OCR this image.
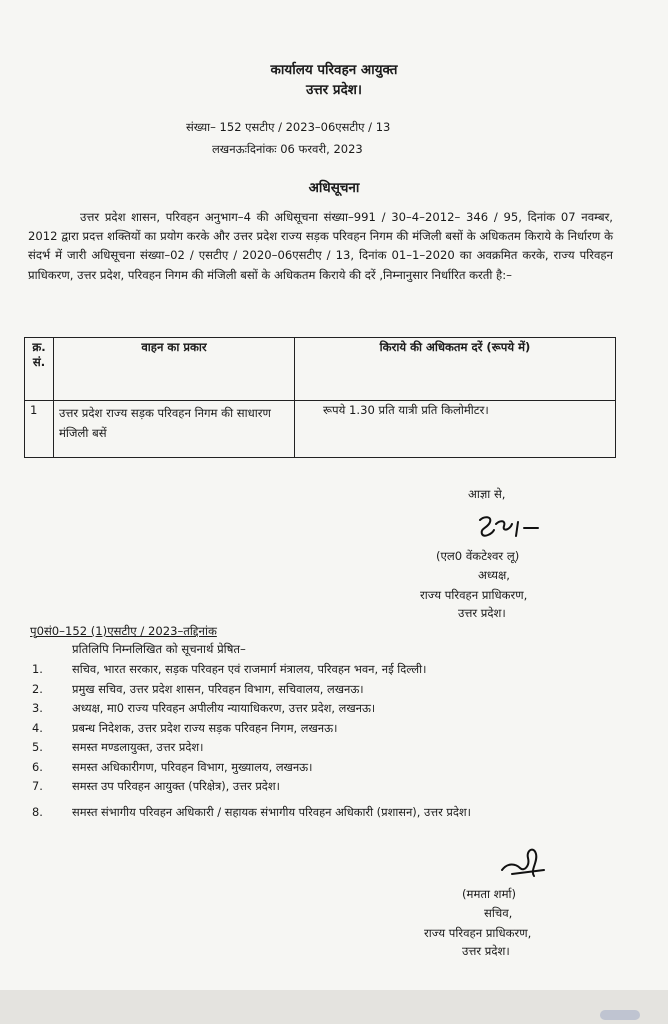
कार्यालय परिवहन आयुक्त
उत्तर प्रदेश।
संख्या– 152 एसटीए / 2023–06एसटीए / 13
लखनऊःदिनांकः 06 फरवरी, 2023
अधिसूचना
उत्तर प्रदेश शासन, परिवहन अनुभाग–4 की अधिसूचना संख्या–991 / 30–4–2012– 346 / 95, दिनांक 07 नवम्बर, 2012 द्वारा प्रदत्त शक्तियों का प्रयोग करके और उत्तर प्रदेश राज्य सड़क परिवहन निगम की मंजिली बसों के अधिकतम किराये के निर्धारण के संदर्भ में जारी अधिसूचना संख्या–02 / एसटीए / 2020–06एसटीए / 13, दिनांक 01–1–2020 का अवक्रमित करके, राज्य परिवहन प्राधिकरण, उत्तर प्रदेश, परिवहन निगम की मंजिली बसों के अधिकतम किराये की दरें ,निम्नानुसार निर्धारित करती है:–
क्र. सं.	वाहन का प्रकार	किराये की अधिकतम दरें (रूपये में)
1	उत्तर प्रदेश राज्य सड़क परिवहन निगम की साधारण मंजिली बसें	रूपये 1.30 प्रति यात्री प्रति किलोमीटर।
आज्ञा से,
(एल0 वेंकटेश्वर लू)
अध्यक्ष,
राज्य परिवहन प्राधिकरण,
उत्तर प्रदेश।
पृ0सं0–152 (1)एसटीए / 2023–तद्दिनांक
प्रतिलिपि निम्नलिखित को सूचनार्थ प्रेषित–
1.	सचिव, भारत सरकार, सड़क परिवहन एवं राजमार्ग मंत्रालय, परिवहन भवन, नई दिल्ली।
2.	प्रमुख सचिव, उत्तर प्रदेश शासन, परिवहन विभाग, सचिवालय, लखनऊ।
3.	अध्यक्ष, मा0 राज्य परिवहन अपीलीय न्यायाधिकरण, उत्तर प्रदेश, लखनऊ।
4.	प्रबन्ध निदेशक, उत्तर प्रदेश राज्य सड़क परिवहन निगम, लखनऊ।
5.	समस्त मण्डलायुक्त, उत्तर प्रदेश।
6.	समस्त अधिकारीगण, परिवहन विभाग, मुख्यालय, लखनऊ।
7.	समस्त उप परिवहन आयुक्त (परिक्षेत्र), उत्तर प्रदेश।
8.	समस्त संभागीय परिवहन अधिकारी / सहायक संभागीय परिवहन अधिकारी (प्रशासन), उत्तर प्रदेश।
(ममता शर्मा)
सचिव,
राज्य परिवहन प्राधिकरण,
उत्तर प्रदेश।
